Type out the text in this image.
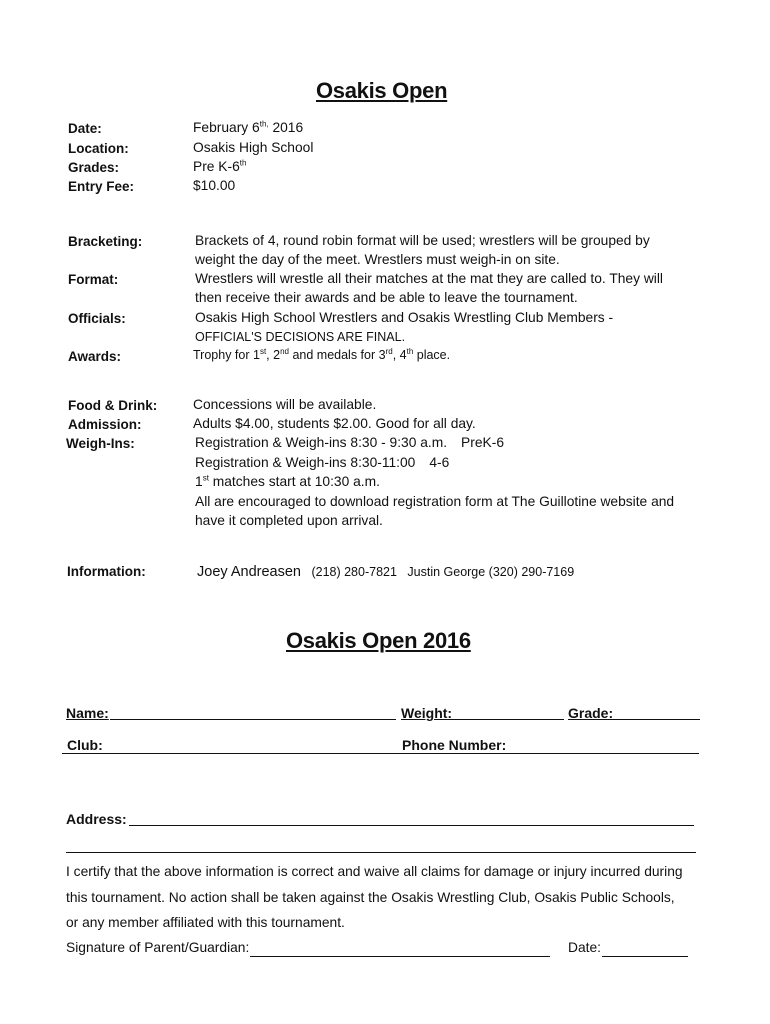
Osakis Open
Date:	February $6^{th,}$ 2016
Location:	Osakis High School
Grades:	Pre K-6th
Entry Fee:	$10.00
Bracketing:	Brackets of 4, round robin format will be used; wrestlers will be grouped by
weight the day of the meet. Wrestlers must weigh-in on site.
Format:	Wrestlers will wrestle all their matches at the mat they are called to. They will
then receive their awards and be able to leave the tournament.
Officials:	Osakis High School Wrestlers and Osakis Wrestling Club Members -
OFFICIAL'S DECISIONS ARE FINAL.
Awards:	Trophy for 1st, 2nd and medals for 3rd, 4th place.
Food & Drink:	Concessions will be available.
Admission:	Adults $4.00, students $2.00. Good for all day.
Weigh-Ins:	Registration & Weigh-ins 8:30 - 9:30 a.m. PreK-6
Registration & Weigh-ins 8:30-11:00 4-6
1st matches start at 10:30 a.m.
All are encouraged to download registration form at The Guillotine website and
have it completed upon arrival.
Information:	Joey Andreasen (218) 280-7821 Justin George (320) 290-7169
Osakis Open 2016
Name:	Weight:	Grade:
Club:	Phone Number:
Address:
I certify that the above information is correct and waive all claims for damage or injury incurred during
this tournament. No action shall be taken against the Osakis Wrestling Club, Osakis Public Schools,
or any member affiliated with this tournament.
Signature of Parent/Guardian:	Date:
